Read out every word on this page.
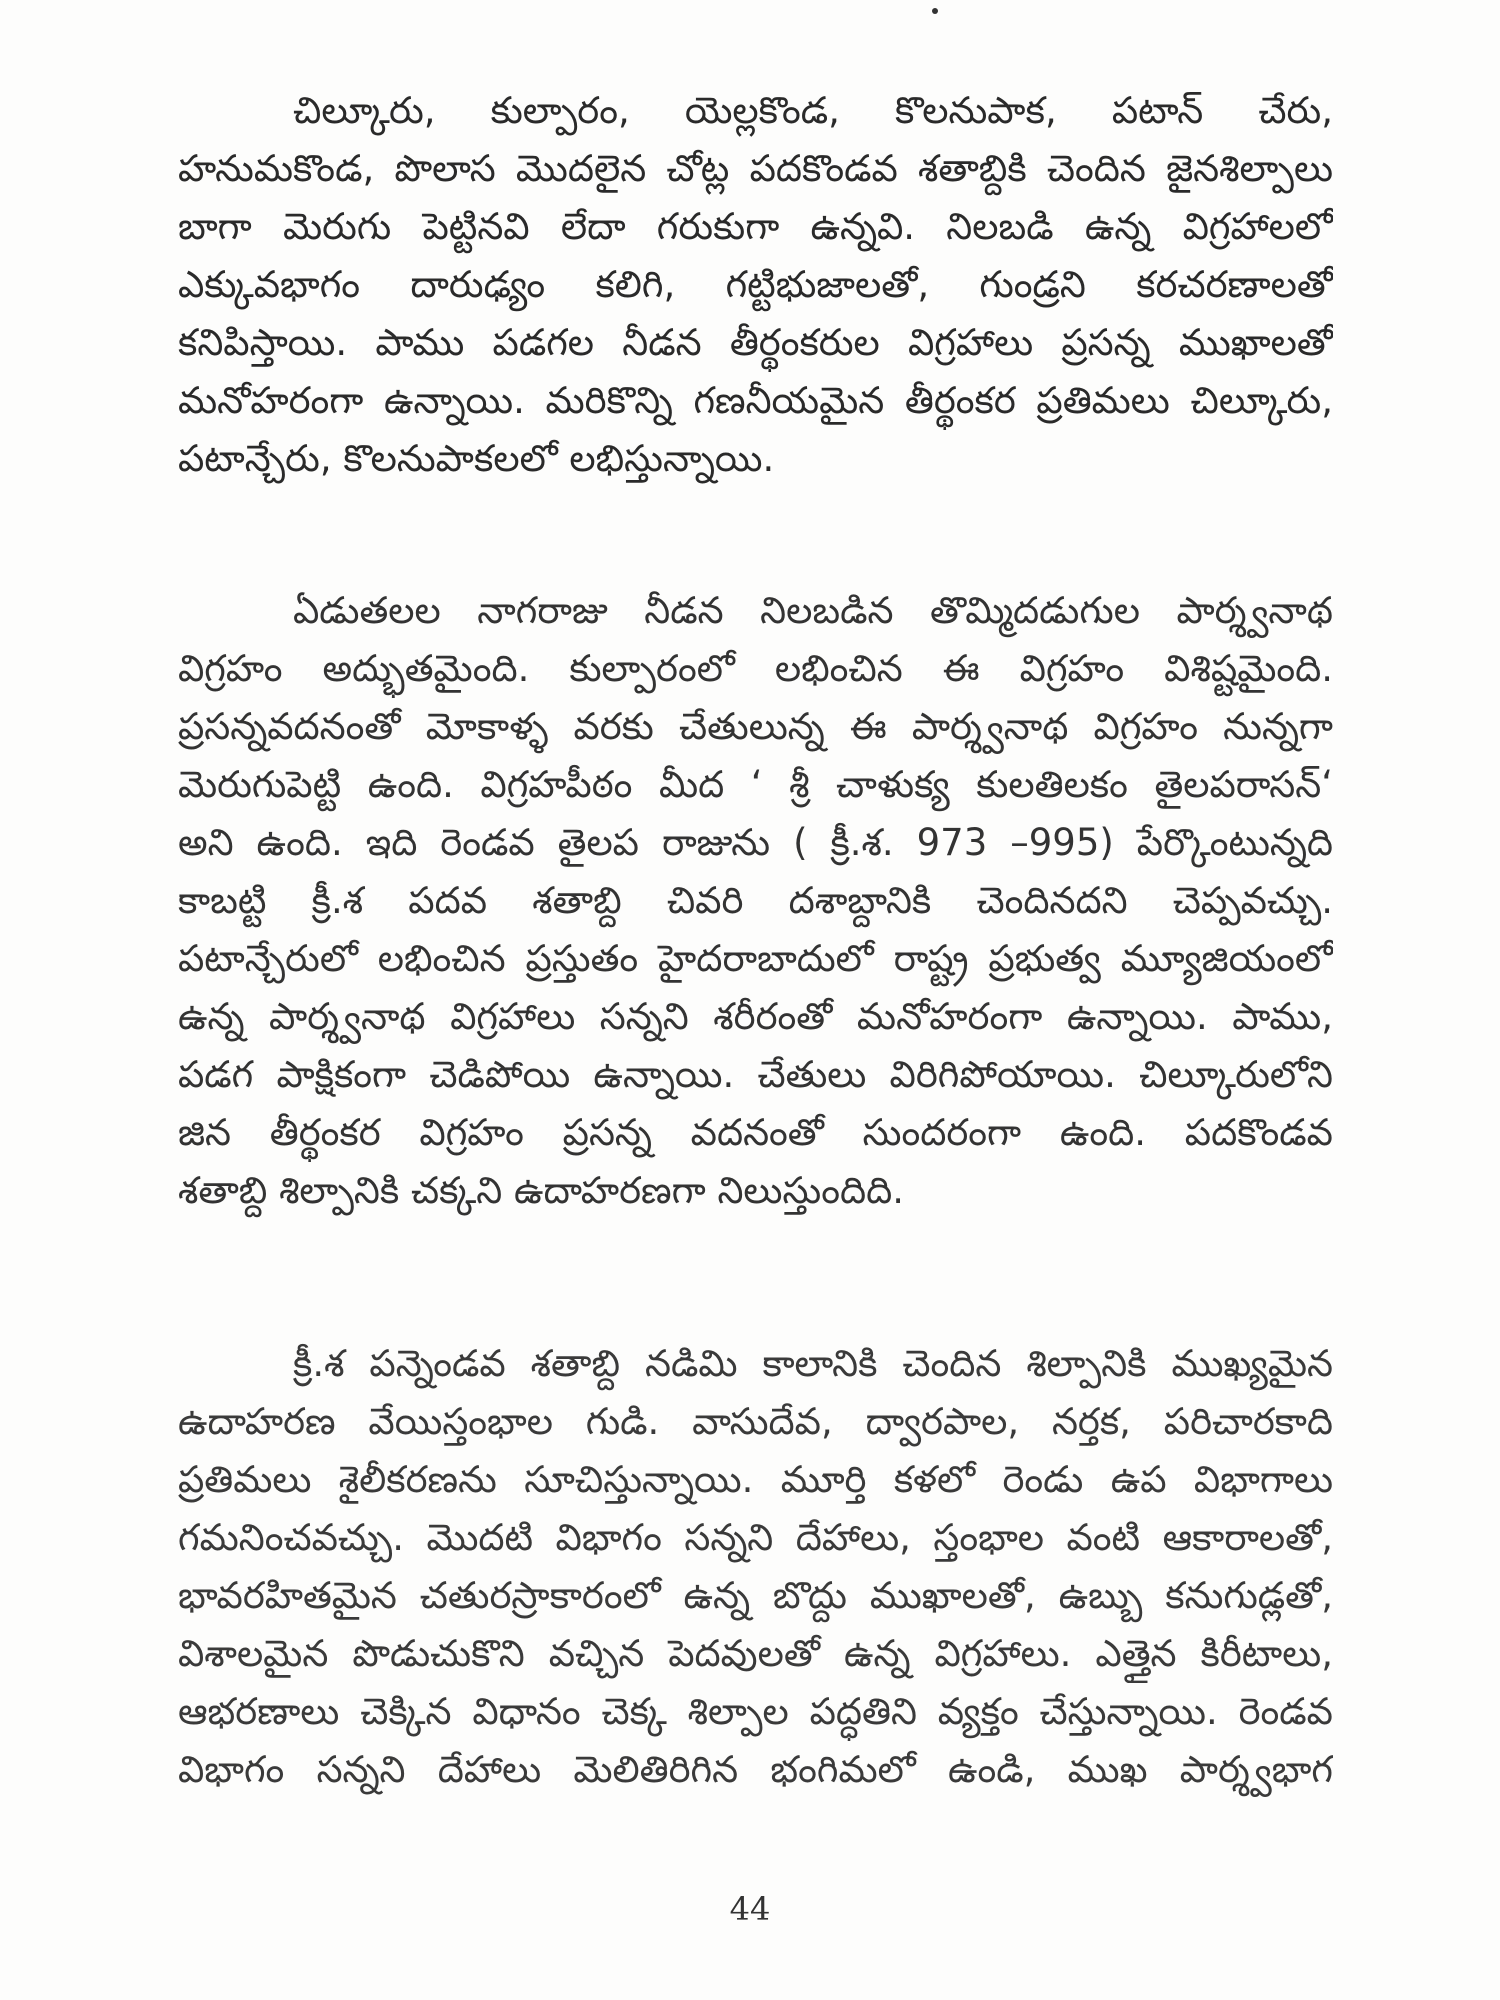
చిల్కూరు, కుల్పారం, యెల్లకొండ, కొలనుపాక, పటాన్ చేరు,
హనుమకొండ, పొలాస మొదలైన చోట్ల పదకొండవ శతాబ్దికి చెందిన జైనశిల్పాలు
బాగా మెరుగు పెట్టినవి లేదా గరుకుగా ఉన్నవి. నిలబడి ఉన్న విగ్రహాలలో
ఎక్కువభాగం దారుఢ్యం కలిగి, గట్టిభుజాలతో, గుండ్రని కరచరణాలతో
కనిపిస్తాయి. పాము పడగల నీడన తీర్థంకరుల విగ్రహాలు ప్రసన్న ముఖాలతో
మనోహరంగా ఉన్నాయి. మరికొన్ని గణనీయమైన తీర్థంకర ప్రతిమలు చిల్కూరు,
పటాన్చేరు, కొలనుపాకలలో లభిస్తున్నాయి.
ఏడుతలల నాగరాజు నీడన నిలబడిన తొమ్మిదడుగుల పార్శ్వనాథ
విగ్రహం అద్భుతమైంది. కుల్పారంలో లభించిన ఈ విగ్రహం విశిష్టమైంది.
ప్రసన్నవదనంతో మోకాళ్ళ వరకు చేతులున్న ఈ పార్శ్వనాథ విగ్రహం నున్నగా
మెరుగుపెట్టి ఉంది. విగ్రహపీఠం మీద ‘ శ్రీ చాళుక్య కులతిలకం తైలపరాసన్‘
అని ఉంది. ఇది రెండవ తైలప రాజును ( క్రీ.శ. 973 –995) పేర్కొంటున్నది
కాబట్టి క్రీ.శ పదవ శతాబ్ది చివరి దశాబ్దానికి చెందినదని చెప్పవచ్చు.
పటాన్చేరులో లభించిన ప్రస్తుతం హైదరాబాదులో రాష్ట్ర ప్రభుత్వ మ్యూజియంలో
ఉన్న పార్శ్వనాథ విగ్రహాలు సన్నని శరీరంతో మనోహరంగా ఉన్నాయి. పాము,
పడగ పాక్షికంగా చెడిపోయి ఉన్నాయి. చేతులు విరిగిపోయాయి. చిల్కూరులోని
జిన తీర్థంకర విగ్రహం ప్రసన్న వదనంతో సుందరంగా ఉంది. పదకొండవ
శతాబ్ది శిల్పానికి చక్కని ఉదాహరణగా నిలుస్తుందిది.
క్రీ.శ పన్నెండవ శతాబ్ది నడిమి కాలానికి చెందిన శిల్పానికి ముఖ్యమైన
ఉదాహరణ వేయిస్తంభాల గుడి. వాసుదేవ, ద్వారపాల, నర్తక, పరిచారకాది
ప్రతిమలు శైలీకరణను సూచిస్తున్నాయి. మూర్తి కళలో రెండు ఉప విభాగాలు
గమనించవచ్చు. మొదటి విభాగం సన్నని దేహాలు, స్తంభాల వంటి ఆకారాలతో,
భావరహితమైన చతురస్రాకారంలో ఉన్న బొద్దు ముఖాలతో, ఉబ్బు కనుగుడ్లతో,
విశాలమైన పొడుచుకొని వచ్చిన పెదవులతో ఉన్న విగ్రహాలు. ఎత్తైన కిరీటాలు,
ఆభరణాలు చెక్కిన విధానం చెక్క శిల్పాల పద్ధతిని వ్యక్తం చేస్తున్నాయి. రెండవ
విభాగం సన్నని దేహాలు మెలితిరిగిన భంగిమలో ఉండి, ముఖ పార్శ్వభాగ
44
